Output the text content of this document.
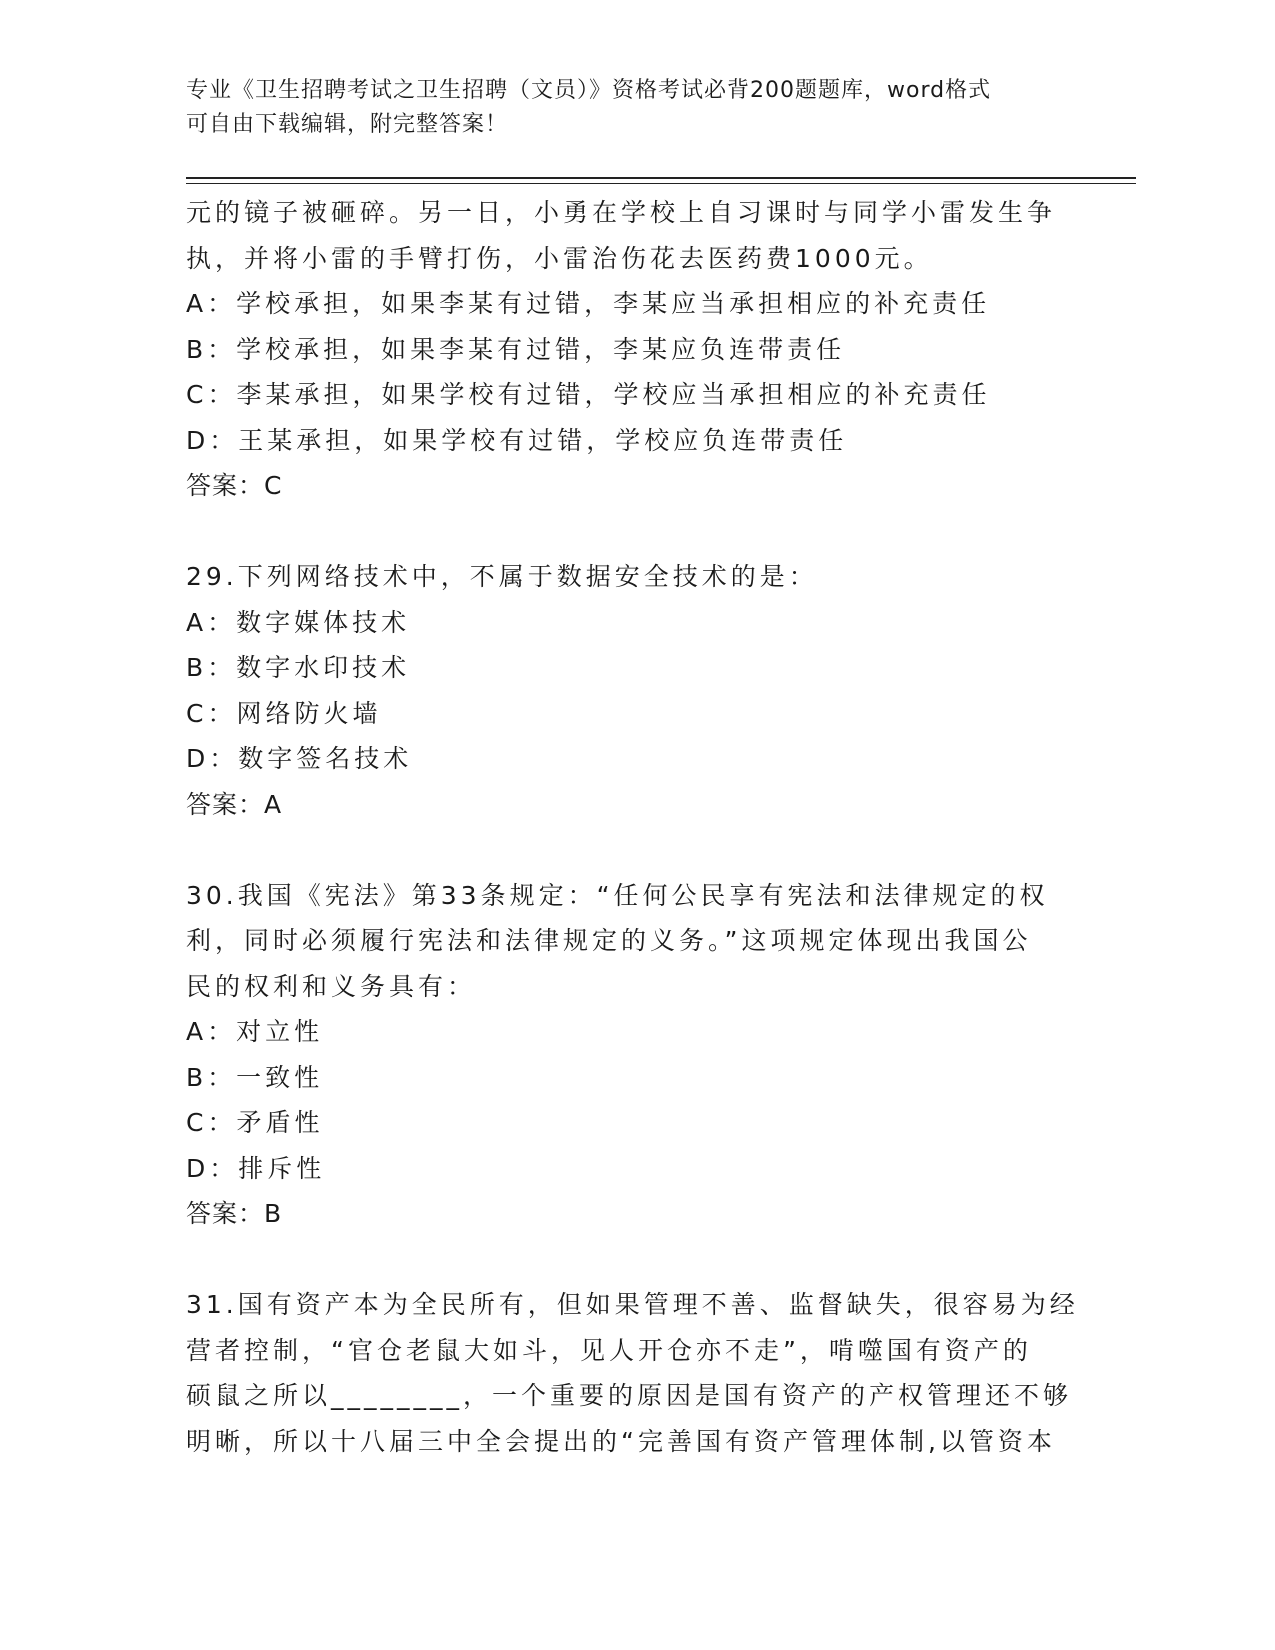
专业《卫生招聘考试之卫生招聘（文员）》资格考试必背200题题库，word格式
可自由下载编辑，附完整答案！
元的镜子被砸碎。另一日，小勇在学校上自习课时与同学小雷发生争
执，并将小雷的手臂打伤，小雷治伤花去医药费1000元。
A：学校承担，如果李某有过错，李某应当承担相应的补充责任
B：学校承担，如果李某有过错，李某应负连带责任
C：李某承担，如果学校有过错，学校应当承担相应的补充责任
D：王某承担，如果学校有过错，学校应负连带责任
答案：C
29.下列网络技术中，不属于数据安全技术的是：
A：数字媒体技术
B：数字水印技术
C：网络防火墙
D：数字签名技术
答案：A
30.我国《宪法》第33条规定：“任何公民享有宪法和法律规定的权
利，同时必须履行宪法和法律规定的义务。”这项规定体现出我国公
民的权利和义务具有：
A：对立性
B：一致性
C：矛盾性
D：排斥性
答案：B
31.国有资产本为全民所有，但如果管理不善、监督缺失，很容易为经
营者控制，“官仓老鼠大如斗，见人开仓亦不走”，啃噬国有资产的
硕鼠之所以________，一个重要的原因是国有资产的产权管理还不够
明晰，所以十八届三中全会提出的“完善国有资产管理体制,以管资本
